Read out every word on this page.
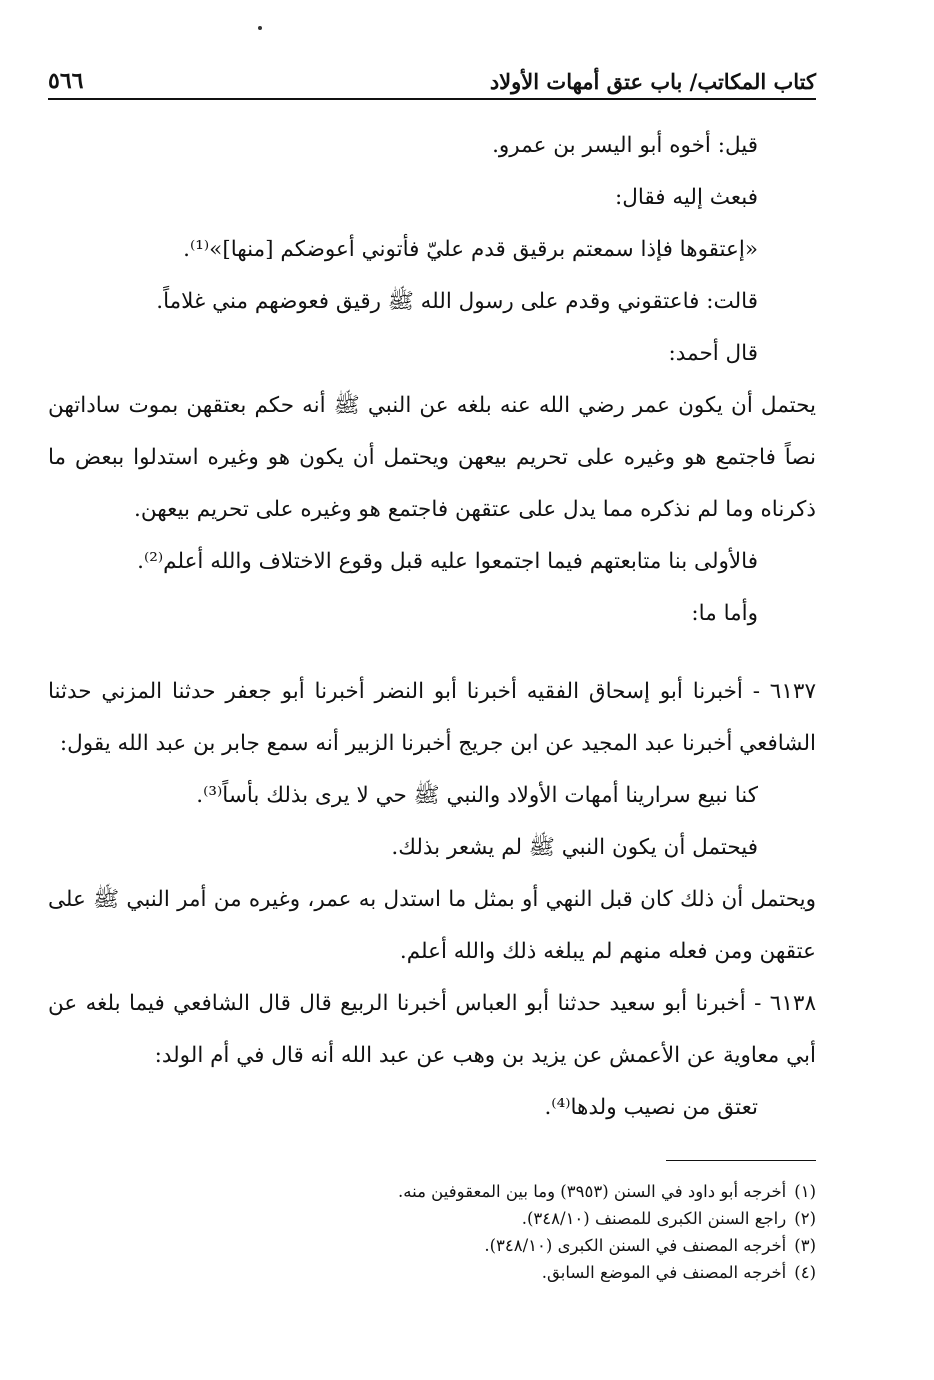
كتاب المكاتب/ باب عتق أمهات الأولاد
٥٦٦

قيل: أخوه أبو اليسر بن عمرو.

فبعث إليه فقال:

«إعتقوها فإذا سمعتم برقيق قدم عليّ فأتوني أعوضكم [منها]»⁽¹⁾.

قالت: فاعتقوني وقدم على رسول الله ﷺ رقيق فعوضهم مني غلاماً.

قال أحمد:

يحتمل أن يكون عمر رضي الله عنه بلغه عن النبي ﷺ أنه حكم بعتقهن بموت ساداتهن نصاً فاجتمع هو وغيره على تحريم بيعهن ويحتمل أن يكون هو وغيره استدلوا ببعض ما ذكرناه وما لم نذكره مما يدل على عتقهن فاجتمع هو وغيره على تحريم بيعهن.

فالأولى بنا متابعتهم فيما اجتمعوا عليه قبل وقوع الاختلاف والله أعلم⁽²⁾.

وأما ما:

٦١٣٧ - أخبرنا أبو إسحاق الفقيه أخبرنا أبو النضر أخبرنا أبو جعفر حدثنا المزني حدثنا الشافعي أخبرنا عبد المجيد عن ابن جريج أخبرنا الزبير أنه سمع جابر بن عبد الله يقول:

كنا نبيع سرارينا أمهات الأولاد والنبي ﷺ حي لا يرى بذلك بأساً⁽³⁾.

فيحتمل أن يكون النبي ﷺ لم يشعر بذلك.

ويحتمل أن ذلك كان قبل النهي أو بمثل ما استدل به عمر، وغيره من أمر النبي ﷺ على عتقهن ومن فعله منهم لم يبلغه ذلك والله أعلم.

٦١٣٨ - أخبرنا أبو سعيد حدثنا أبو العباس أخبرنا الربيع قال قال الشافعي فيما بلغه عن أبي معاوية عن الأعمش عن يزيد بن وهب عن عبد الله أنه قال في أم الولد:

تعتق من نصيب ولدها⁽⁴⁾.

(١)أخرجه أبو داود في السنن (٣٩٥٣) وما بين المعقوفين منه.

(٢)راجع السنن الكبرى للمصنف (٣٤٨/١٠).

(٣)أخرجه المصنف في السنن الكبرى (٣٤٨/١٠).

(٤)أخرجه المصنف في الموضع السابق.
